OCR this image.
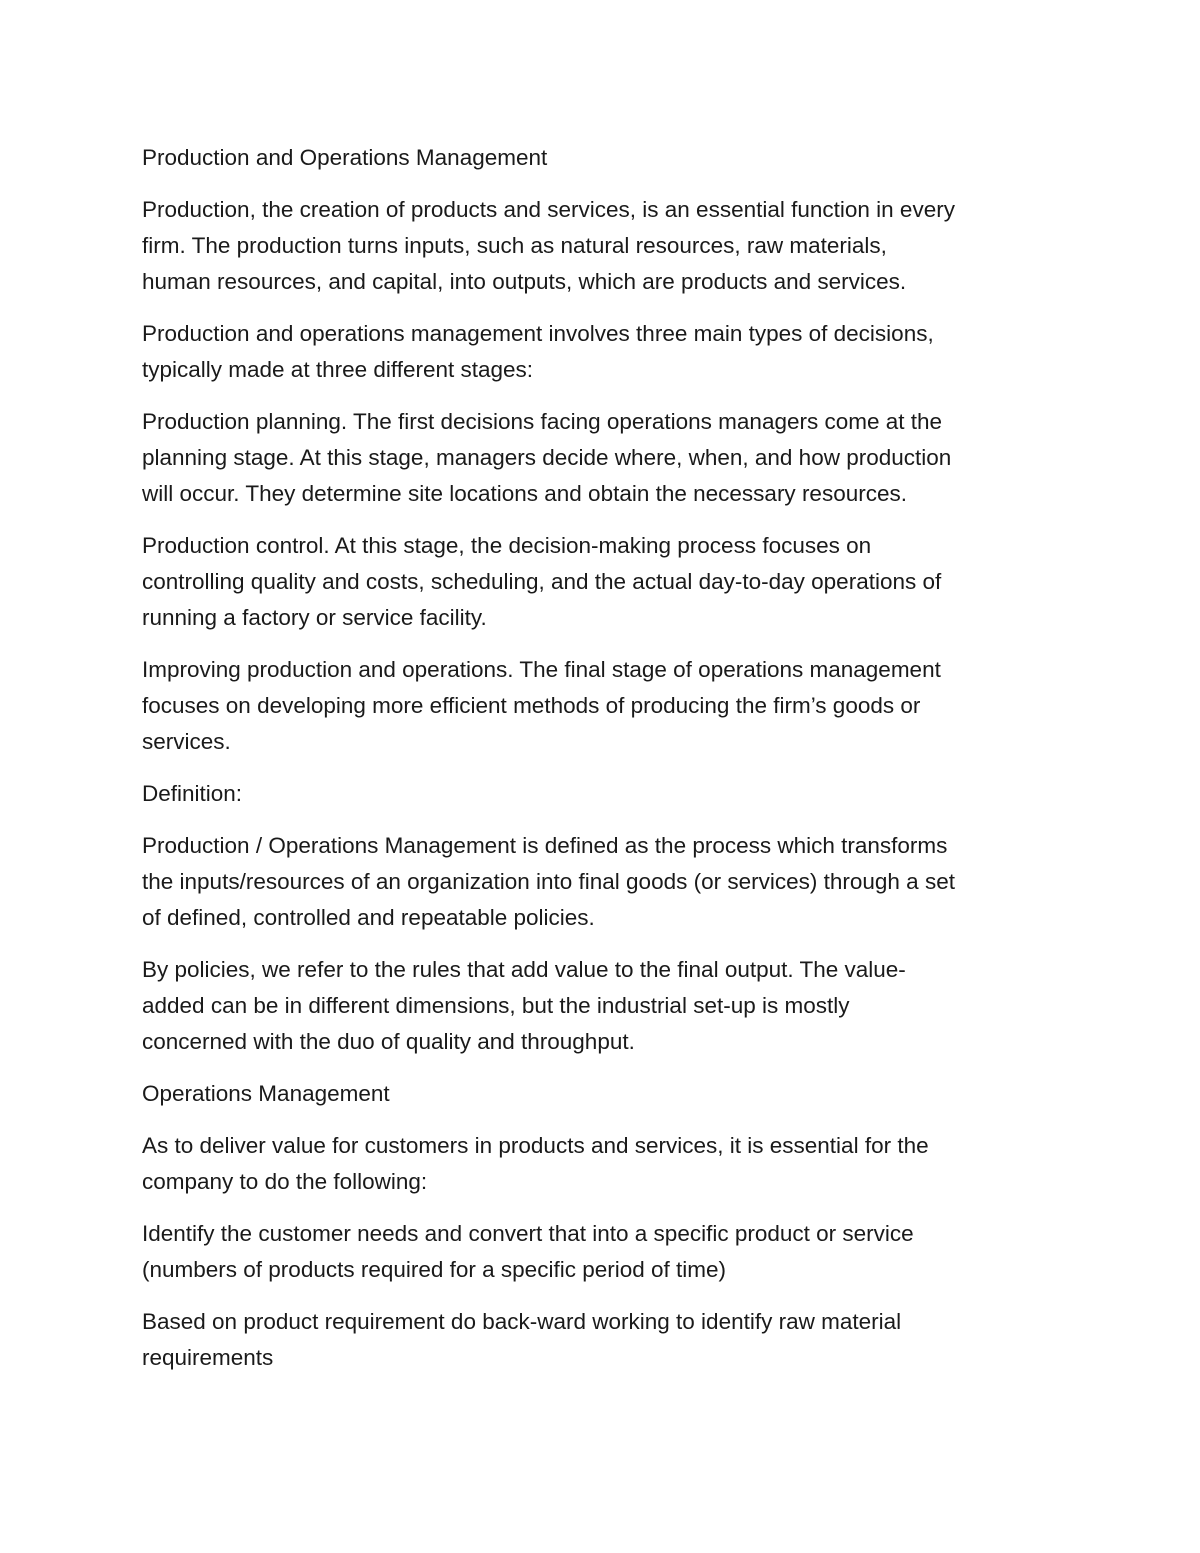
Production and Operations Management

Production, the creation of products and services, is an essential function in every
firm. The production turns inputs, such as natural resources, raw materials,
human resources, and capital, into outputs, which are products and services.

Production and operations management involves three main types of decisions,
typically made at three different stages:

Production planning. The first decisions facing operations managers come at the
planning stage. At this stage, managers decide where, when, and how production
will occur. They determine site locations and obtain the necessary resources.

Production control. At this stage, the decision-making process focuses on
controlling quality and costs, scheduling, and the actual day-to-day operations of
running a factory or service facility.

Improving production and operations. The final stage of operations management
focuses on developing more efficient methods of producing the firm’s goods or
services.

Definition:

Production / Operations Management is defined as the process which transforms
the inputs/resources of an organization into final goods (or services) through a set
of defined, controlled and repeatable policies.

By policies, we refer to the rules that add value to the final output. The value-
added can be in different dimensions, but the industrial set-up is mostly
concerned with the duo of quality and throughput.

Operations Management

As to deliver value for customers in products and services, it is essential for the
company to do the following:

Identify the customer needs and convert that into a specific product or service
(numbers of products required for a specific period of time)

Based on product requirement do back-ward working to identify raw material
requirements
